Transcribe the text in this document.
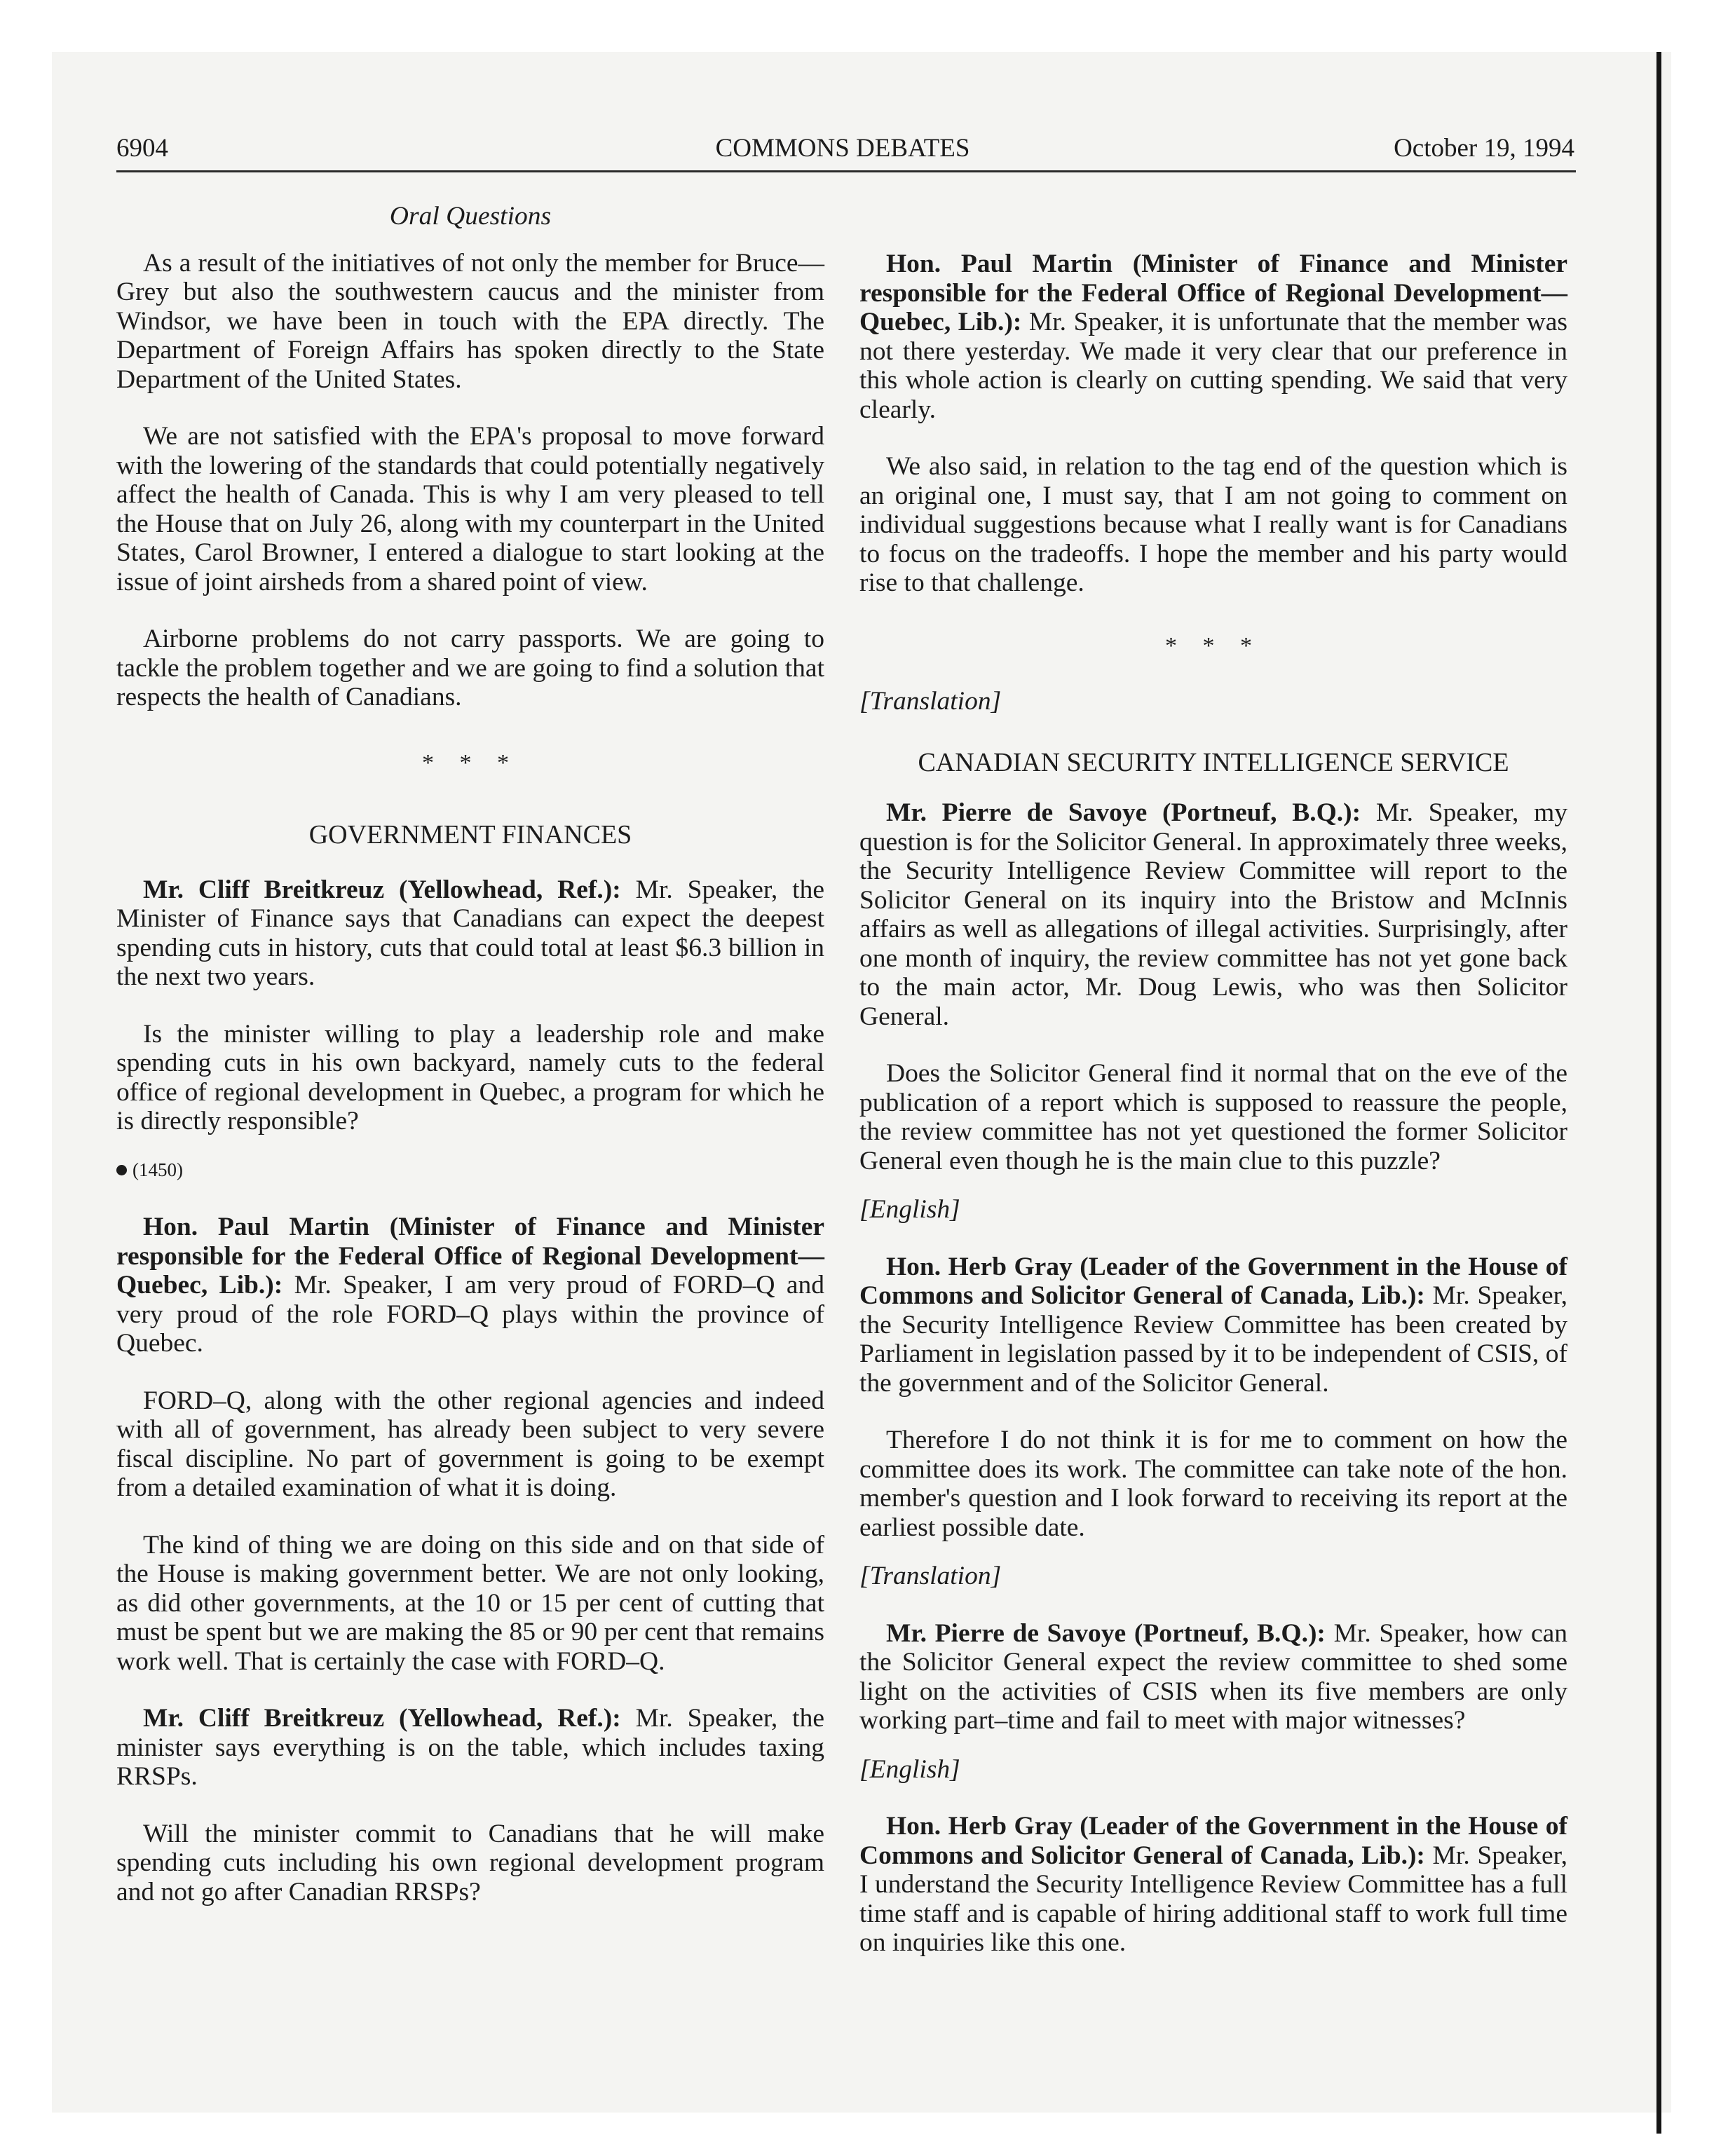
6904	COMMONS DEBATES	October 19, 1994
Oral Questions

As a result of the initiatives of not only the member for Bruce—Grey but also the southwestern caucus and the minister from Windsor, we have been in touch with the EPA directly. The Department of Foreign Affairs has spoken directly to the State Department of the United States.

We are not satisfied with the EPA's proposal to move forward with the lowering of the standards that could potentially negatively affect the health of Canada. This is why I am very pleased to tell the House that on July 26, along with my counterpart in the United States, Carol Browner, I entered a dialogue to start looking at the issue of joint airsheds from a shared point of view.

Airborne problems do not carry passports. We are going to tackle the problem together and we are going to find a solution that respects the health of Canadians.

* * *
GOVERNMENT FINANCES

Mr. Cliff Breitkreuz (Yellowhead, Ref.): Mr. Speaker, the Minister of Finance says that Canadians can expect the deepest spending cuts in history, cuts that could total at least $6.3 billion in the next two years.

Is the minister willing to play a leadership role and make spending cuts in his own backyard, namely cuts to the federal office of regional development in Quebec, a program for which he is directly responsible?

(1450)

Hon. Paul Martin (Minister of Finance and Minister responsible for the Federal Office of Regional Development—Quebec, Lib.): Mr. Speaker, I am very proud of FORD–Q and very proud of the role FORD–Q plays within the province of Quebec.

FORD–Q, along with the other regional agencies and indeed with all of government, has already been subject to very severe fiscal discipline. No part of government is going to be exempt from a detailed examination of what it is doing.

The kind of thing we are doing on this side and on that side of the House is making government better. We are not only looking, as did other governments, at the 10 or 15 per cent of cutting that must be spent but we are making the 85 or 90 per cent that remains work well. That is certainly the case with FORD–Q.

Mr. Cliff Breitkreuz (Yellowhead, Ref.): Mr. Speaker, the minister says everything is on the table, which includes taxing RRSPs.

Will the minister commit to Canadians that he will make spending cuts including his own regional development program and not go after Canadian RRSPs?

Hon. Paul Martin (Minister of Finance and Minister responsible for the Federal Office of Regional Development—Quebec, Lib.): Mr. Speaker, it is unfortunate that the member was not there yesterday. We made it very clear that our preference in this whole action is clearly on cutting spending. We said that very clearly.

We also said, in relation to the tag end of the question which is an original one, I must say, that I am not going to comment on individual suggestions because what I really want is for Canadians to focus on the tradeoffs. I hope the member and his party would rise to that challenge.

* * *
[Translation]
CANADIAN SECURITY INTELLIGENCE SERVICE

Mr. Pierre de Savoye (Portneuf, B.Q.): Mr. Speaker, my question is for the Solicitor General. In approximately three weeks, the Security Intelligence Review Committee will report to the Solicitor General on its inquiry into the Bristow and McInnis affairs as well as allegations of illegal activities. Surprisingly, after one month of inquiry, the review committee has not yet gone back to the main actor, Mr. Doug Lewis, who was then Solicitor General.

Does the Solicitor General find it normal that on the eve of the publication of a report which is supposed to reassure the people, the review committee has not yet questioned the former Solicitor General even though he is the main clue to this puzzle?

[English]

Hon. Herb Gray (Leader of the Government in the House of Commons and Solicitor General of Canada, Lib.): Mr. Speaker, the Security Intelligence Review Committee has been created by Parliament in legislation passed by it to be independent of CSIS, of the government and of the Solicitor General.

Therefore I do not think it is for me to comment on how the committee does its work. The committee can take note of the hon. member's question and I look forward to receiving its report at the earliest possible date.

[Translation]

Mr. Pierre de Savoye (Portneuf, B.Q.): Mr. Speaker, how can the Solicitor General expect the review committee to shed some light on the activities of CSIS when its five members are only working part–time and fail to meet with major witnesses?

[English]

Hon. Herb Gray (Leader of the Government in the House of Commons and Solicitor General of Canada, Lib.): Mr. Speaker, I understand the Security Intelligence Review Committee has a full time staff and is capable of hiring additional staff to work full time on inquiries like this one.
